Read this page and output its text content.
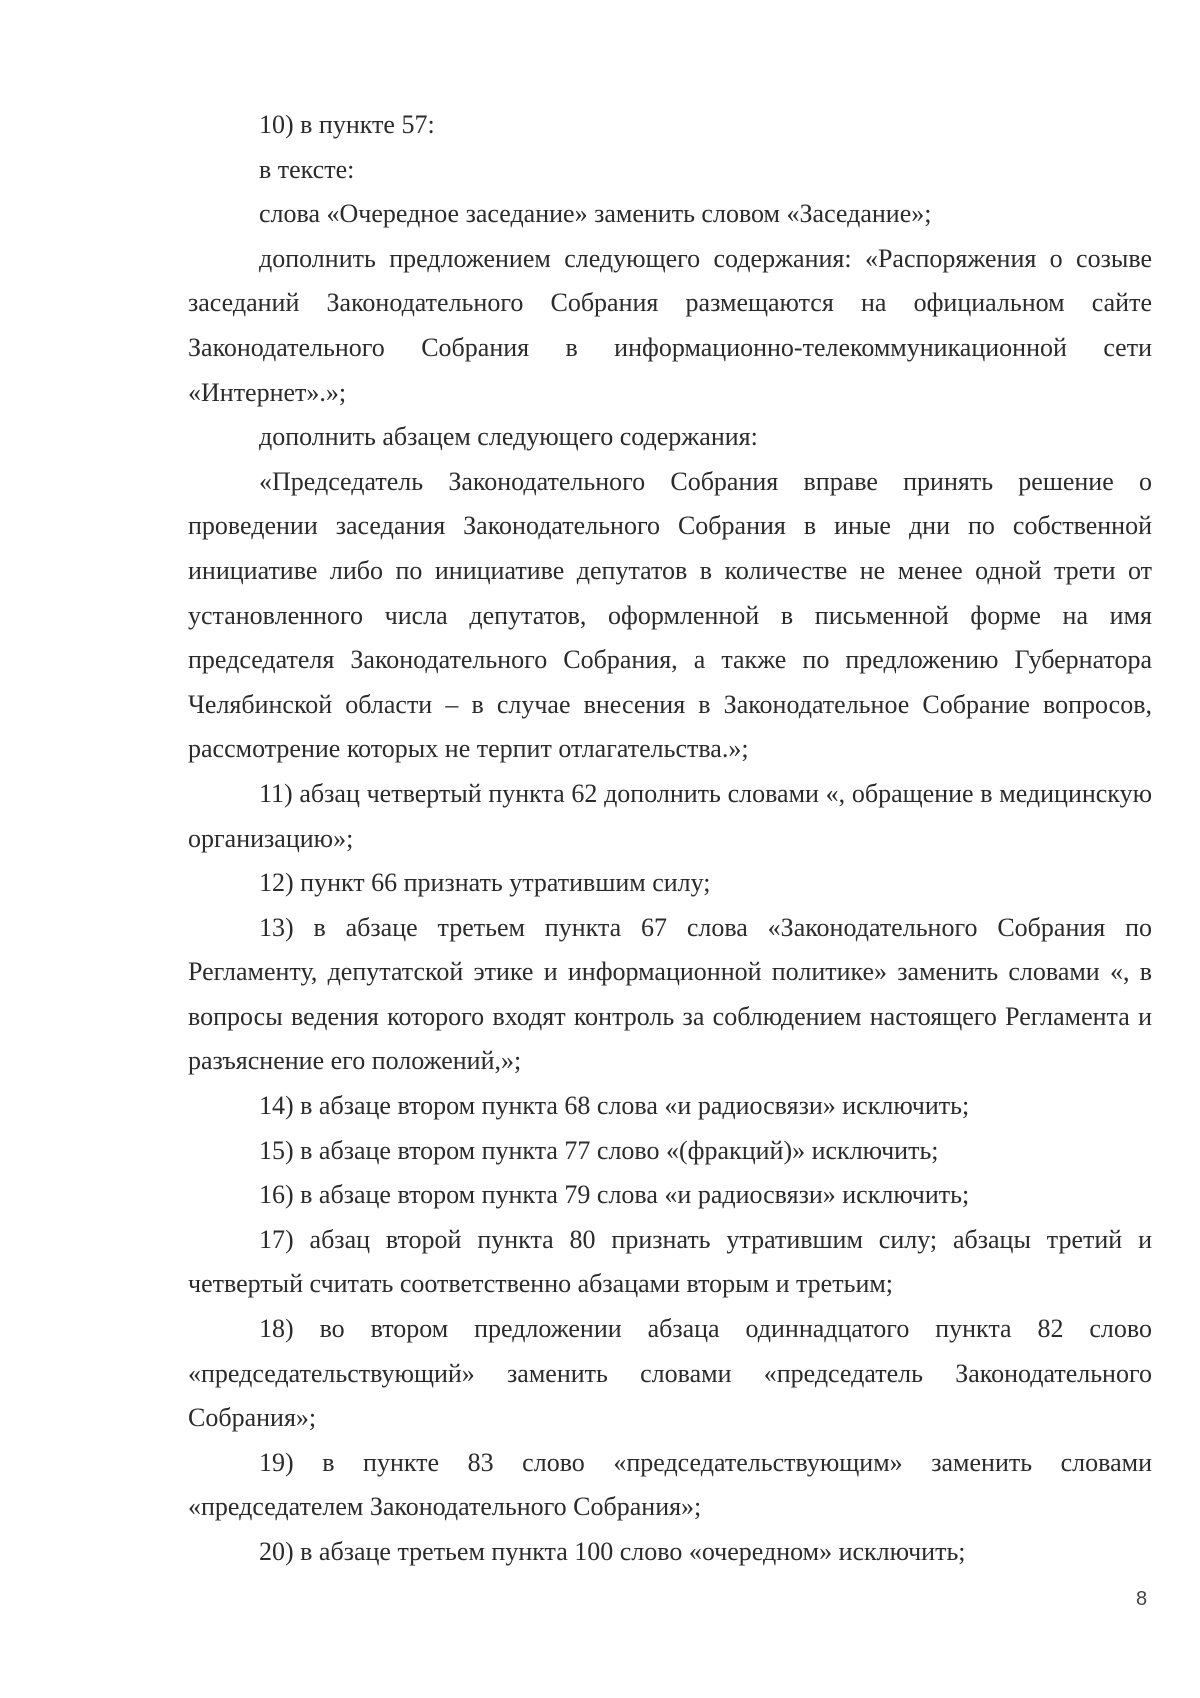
10) в пункте 57:

в тексте:

слова «Очередное заседание» заменить словом «Заседание»;

дополнить предложением следующего содержания: «Распоряжения о созыве заседаний Законодательного Собрания размещаются на официальном сайте Законодательного Собрания в информационно-телекоммуникационной сети «Интернет».»;

дополнить абзацем следующего содержания:

«Председатель Законодательного Собрания вправе принять решение о проведении заседания Законодательного Собрания в иные дни по собственной инициативе либо по инициативе депутатов в количестве не менее одной трети от установленного числа депутатов, оформленной в письменной форме на имя председателя Законодательного Собрания, а также по предложению Губернатора Челябинской области – в случае внесения в Законодательное Собрание вопросов, рассмотрение которых не терпит отлагательства.»;

11) абзац четвертый пункта 62 дополнить словами «, обращение в медицинскую организацию»;

12) пункт 66 признать утратившим силу;

13) в абзаце третьем пункта 67 слова «Законодательного Собрания по Регламенту, депутатской этике и информационной политике» заменить словами «, в вопросы ведения которого входят контроль за соблюдением настоящего Регламента и разъяснение его положений,»;

14) в абзаце втором пункта 68 слова «и радиосвязи» исключить;

15) в абзаце втором пункта 77 слово «(фракций)» исключить;

16) в абзаце втором пункта 79 слова «и радиосвязи» исключить;

17) абзац второй пункта 80 признать утратившим силу; абзацы третий и четвертый считать соответственно абзацами вторым и третьим;

18) во втором предложении абзаца одиннадцатого пункта 82 слово «председательствующий» заменить словами «председатель Законодательного Собрания»;

19) в пункте 83 слово «председательствующим» заменить словами «председателем Законодательного Собрания»;

20) в абзаце третьем пункта 100 слово «очередном» исключить;

8
